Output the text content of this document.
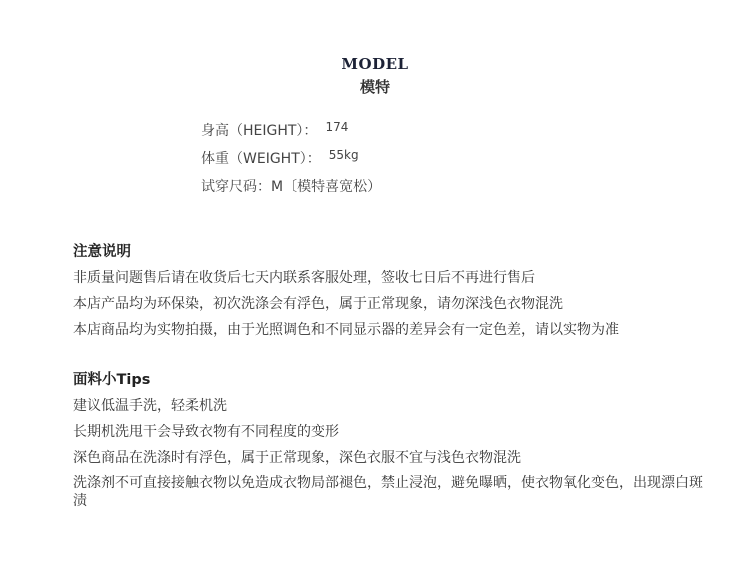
MODEL
模特
身高（HEIGHT）： 174
体重（WEIGHT）： 55kg
试穿尺码：M〔模特喜宽松）
注意说明
非质量问题售后请在收货后七天内联系客服处理，签收七日后不再进行售后
本店产品均为环保染，初次洗涤会有浮色，属于正常现象，请勿深浅色衣物混洗
本店商品均为实物拍摄，由于光照调色和不同显示器的差异会有一定色差，请以实物为准
面料小Tips
建议低温手洗，轻柔机洗
长期机洗甩干会导致衣物有不同程度的变形
深色商品在洗涤时有浮色，属于正常现象，深色衣服不宜与浅色衣物混洗
洗涤剂不可直接接触衣物以免造成衣物局部褪色，禁止浸泡，避免曝晒，使衣物氧化变色，出现漂白斑渍
